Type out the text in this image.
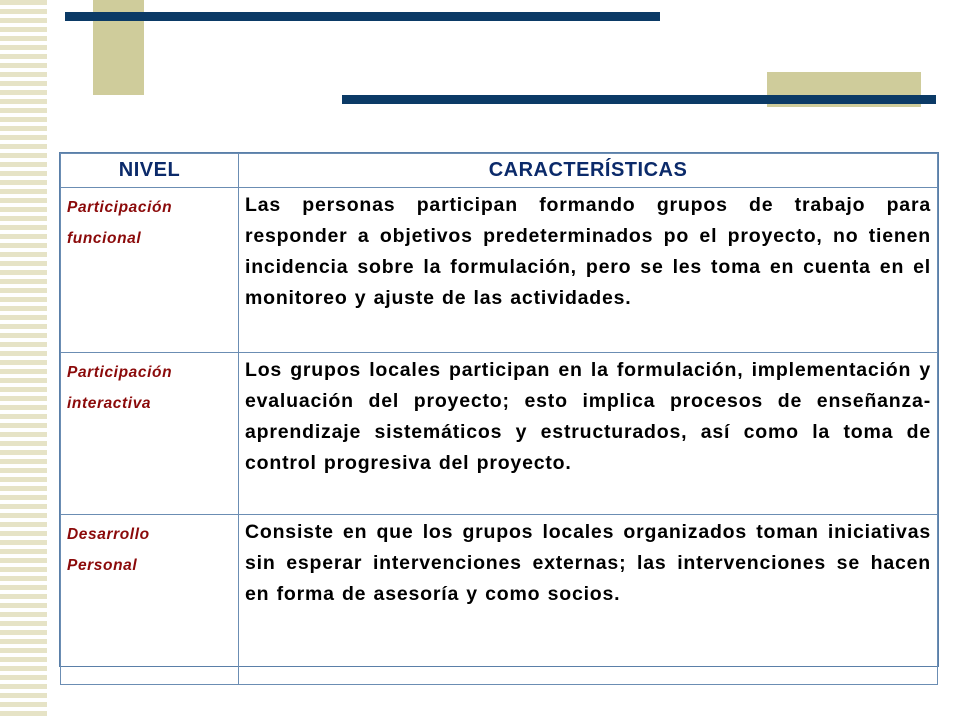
NIVEL	CARACTERÍSTICAS

Participación
funcional	Las personas participan formando grupos de trabajo para responder a objetivos predeterminados po el proyecto, no tienen incidencia sobre la formulación, pero se les toma en cuenta en el monitoreo y ajuste de las actividades.

Participación
interactiva	Los grupos locales participan en la formulación, implementación y evaluación del proyecto; esto implica procesos de enseñanza-aprendizaje sistemáticos y estructurados, así como la toma de control progresiva del proyecto.

Desarrollo
Personal	Consiste en que los grupos locales organizados toman iniciativas sin esperar intervenciones externas; las intervenciones se hacen en forma de asesoría y como socios.
